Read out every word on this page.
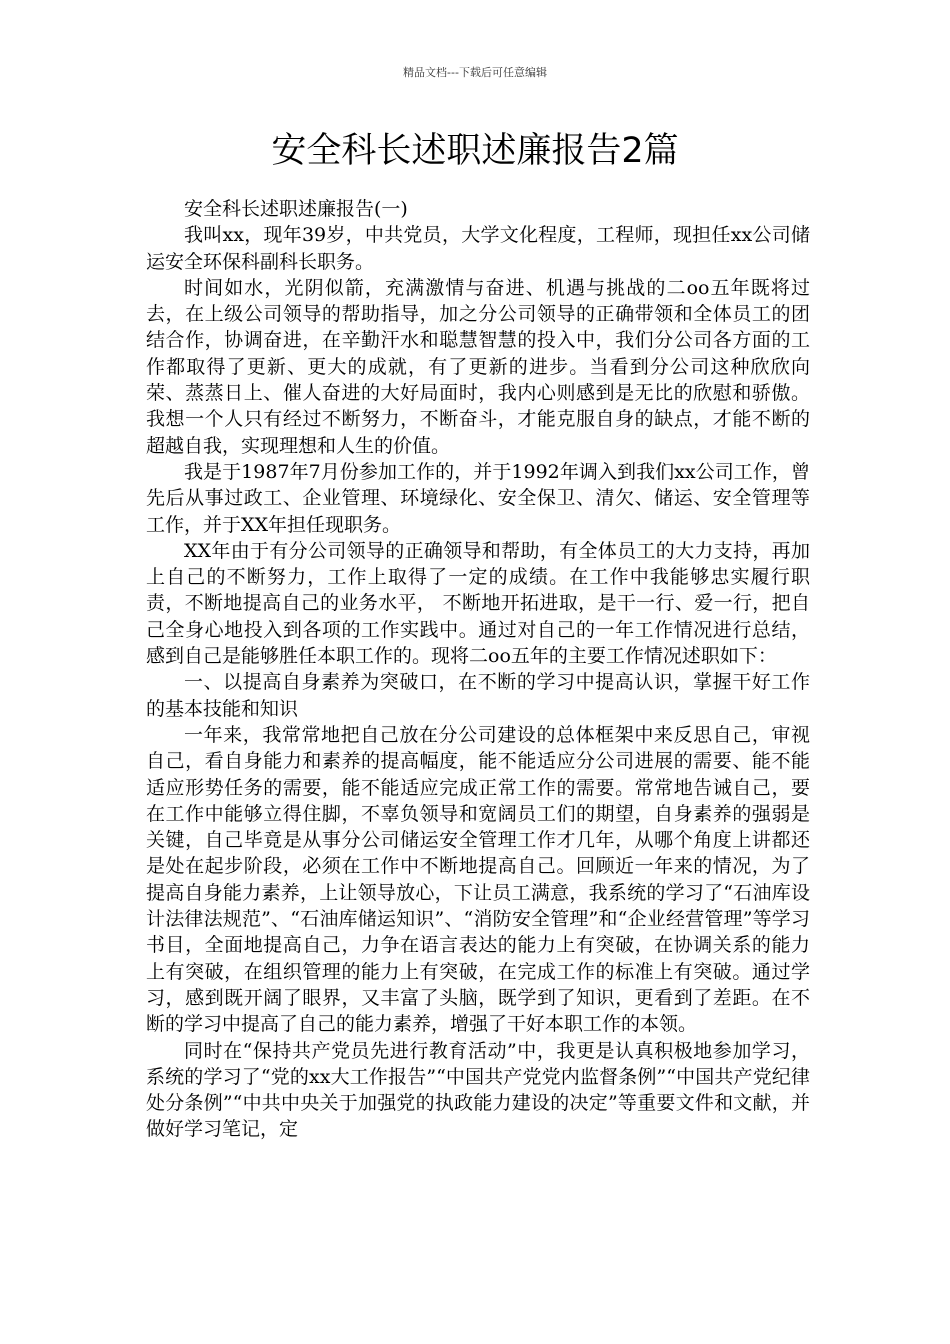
精品文档---下载后可任意编辑
安全科长述职述廉报告2篇

安全科长述职述廉报告(一)

我叫xx，现年39岁，中共党员，大学文化程度，工程师，现担任xx公司储运安全环保科副科长职务。

时间如水，光阴似箭，充满激情与奋进、机遇与挑战的二oo五年既将过去，在上级公司领导的帮助指导，加之分公司领导的正确带领和全体员工的团结合作，协调奋进，在辛勤汗水和聪慧智慧的投入中，我们分公司各方面的工作都取得了更新、更大的成就，有了更新的进步。当看到分公司这种欣欣向荣、蒸蒸日上、催人奋进的大好局面时，我内心则感到是无比的欣慰和骄傲。我想一个人只有经过不断努力，不断奋斗，才能克服自身的缺点，才能不断的超越自我，实现理想和人生的价值。

我是于1987年7月份参加工作的，并于1992年调入到我们xx公司工作，曾先后从事过政工、企业管理、环境绿化、安全保卫、清欠、储运、安全管理等工作，并于XX年担任现职务。

XX年由于有分公司领导的正确领导和帮助，有全体员工的大力支持，再加上自己的不断努力，工作上取得了一定的成绩。在工作中我能够忠实履行职责，不断地提高自己的业务水平， 不断地开拓进取，是干一行、爱一行，把自己全身心地投入到各项的工作实践中。通过对自己的一年工作情况进行总结，感到自己是能够胜任本职工作的。现将二oo五年的主要工作情况述职如下：

一、以提高自身素养为突破口，在不断的学习中提高认识，掌握干好工作的基本技能和知识

一年来，我常常地把自己放在分公司建设的总体框架中来反思自己，审视自己，看自身能力和素养的提高幅度，能不能适应分公司进展的需要、能不能适应形势任务的需要，能不能适应完成正常工作的需要。常常地告诫自己，要在工作中能够立得住脚，不辜负领导和宽阔员工们的期望，自身素养的强弱是关键，自己毕竟是从事分公司储运安全管理工作才几年，从哪个角度上讲都还是处在起步阶段，必须在工作中不断地提高自己。回顾近一年来的情况，为了提高自身能力素养，上让领导放心，下让员工满意，我系统的学习了“石油库设计法律法规范”、“石油库储运知识”、“消防安全管理”和“企业经营管理”等学习书目，全面地提高自己，力争在语言表达的能力上有突破，在协调关系的能力上有突破，在组织管理的能力上有突破，在完成工作的标准上有突破。通过学习，感到既开阔了眼界，又丰富了头脑，既学到了知识，更看到了差距。在不断的学习中提高了自己的能力素养，增强了干好本职工作的本领。

同时在“保持共产党员先进行教育活动”中，我更是认真积极地参加学习，系统的学习了“党的xx大工作报告”“中国共产党党内监督条例”“中国共产党纪律处分条例”“中共中央关于加强党的执政能力建设的决定”等重要文件和文献，并做好学习笔记，定
